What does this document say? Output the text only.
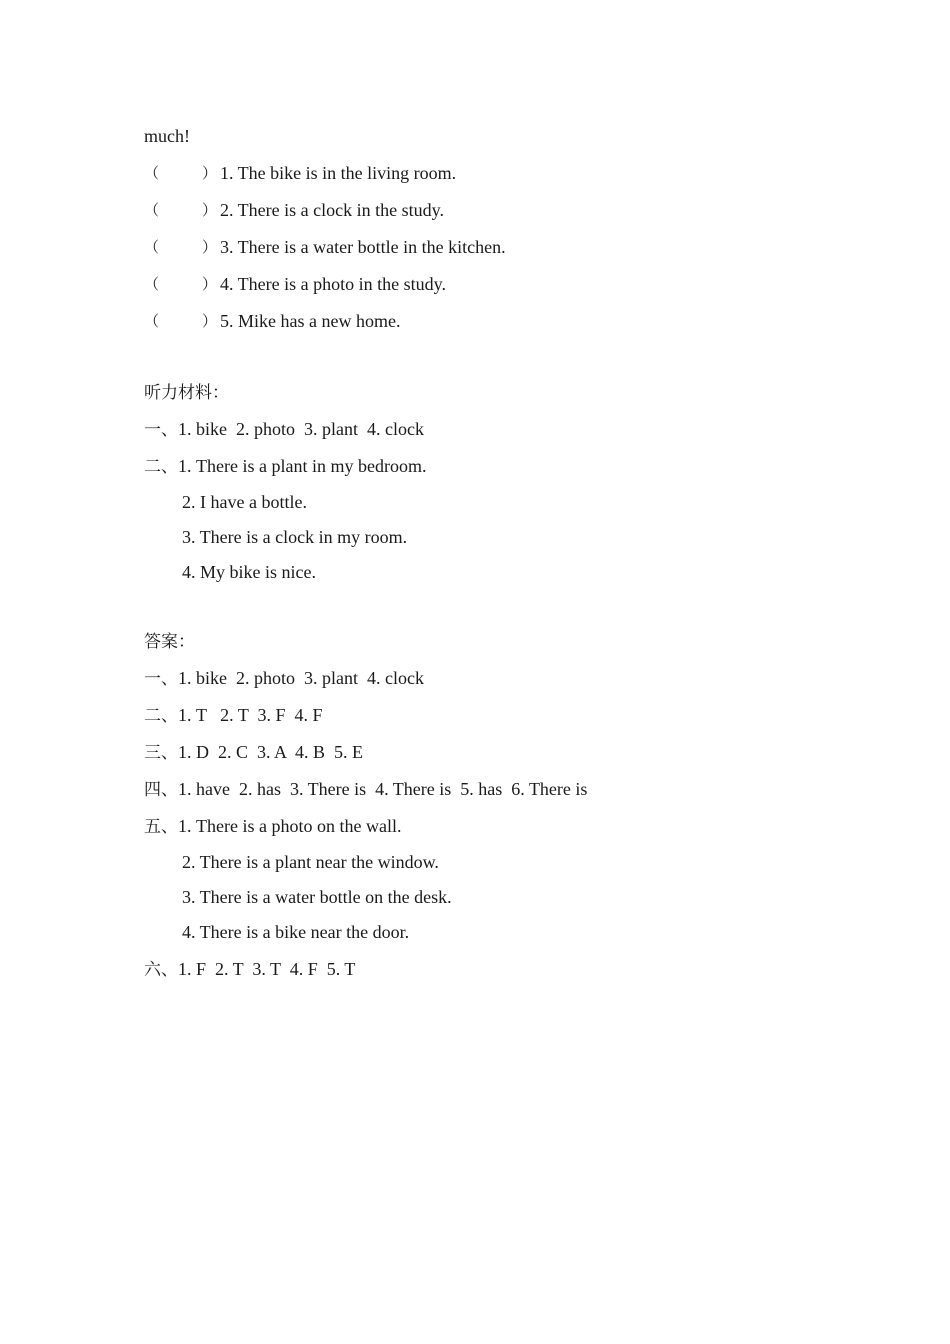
much!

（

	）

1. The bike is in the living room.

（

	）

2. There is a clock in the study.

（

	）

3. There is a water bottle in the kitchen.

（

	）

4. There is a photo in the study.

（

	）

5. Mike has a new home.

听力材料：
一、1. bike  2. photo  3. plant  4. clock
二、1. There is a plant in my bedroom.
2. I have a bottle.
3. There is a clock in my room.
4. My bike is nice.
答案：
一、1. bike  2. photo  3. plant  4. clock
二、1. T   2. T  3. F  4. F
三、1. D  2. C  3. A  4. B  5. E
四、1. have  2. has  3. There is  4. There is  5. has  6. There is
五、1. There is a photo on the wall.
2. There is a plant near the window.
3. There is a water bottle on the desk.
4. There is a bike near the door.
六、1. F  2. T  3. T  4. F  5. T
